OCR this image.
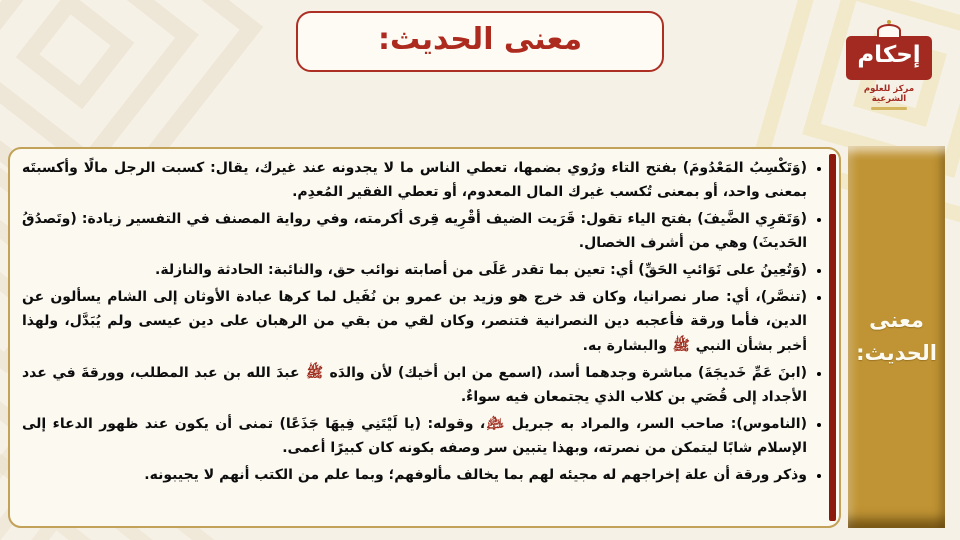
معنى الحديث:	إحكام
مركز للعلوم الشرعية
• (وَتَكْسِبُ المَعْدُومَ) بفتح التاء ورُوي بضمها، تعطي الناس ما لا يجدونه عند غيرك، يقال: كسبت الرجل مالًا وأكسبتَه بمعنى واحد، أو بمعنى تُكسب غيرك المال المعدوم، أو تعطي الفقير المُعدِم.
• (وَتَقرِي الضَّيفَ) بفتح الياء تقول: قَرَيت الضيف أقْرِيه قِرى أكرمته، وفي رواية المصنف في التفسير زيادة: (وتَصدُقُ الحَديثَ) وهي من أشرف الخصال.
• (وَتُعِينُ على نَوَائبِ الحَقِّ) أي: تعين بما تقدر عَلَى من أصابته نوائب حق، والنائبة: الحادثة والنازلة.
• (تنصَّر)، أي: صار نصرانيا، وكان قد خرج هو وزيد بن عمرو بن نُفَيل لما كرها عبادة الأوثان إلى الشام يسألون عن الدين، فأما ورقة فأعجبه دين النصرانية فتنصر، وكان لقي من بقي من الرهبان على دين عيسى ولم يُبَدَّل، ولهذا أخبر بشأن النبي ﷺ والبشارة به.
• (ابنَ عَمِّ خَديجَةَ) مباشرة وجدهما أسد، (اسمع من ابن أخيك) لأن والدَه ﷺ عبدَ الله بن عبد المطلب، وورقةَ في عدد الأجداد إلى قُصَي بن كلاب الذي يجتمعان فيه سواءٌ.
• (الناموس): صاحب السر، والمراد به جبريل ﵇، وقوله: (يا لَيْتَنِي فِيهَا جَذَعًا) تمنى أن يكون عند ظهور الدعاء إلى الإسلام شابًا ليتمكن من نصرته، وبهذا يتبين سر وصفه بكونه كان كبيرًا أعمى.
• وذكر ورقة أن علة إخراجهم له مجيئه لهم بما يخالف مألوفهم؛ وبما علم من الكتب أنهم لا يجيبونه.
معنى
الحديث:
